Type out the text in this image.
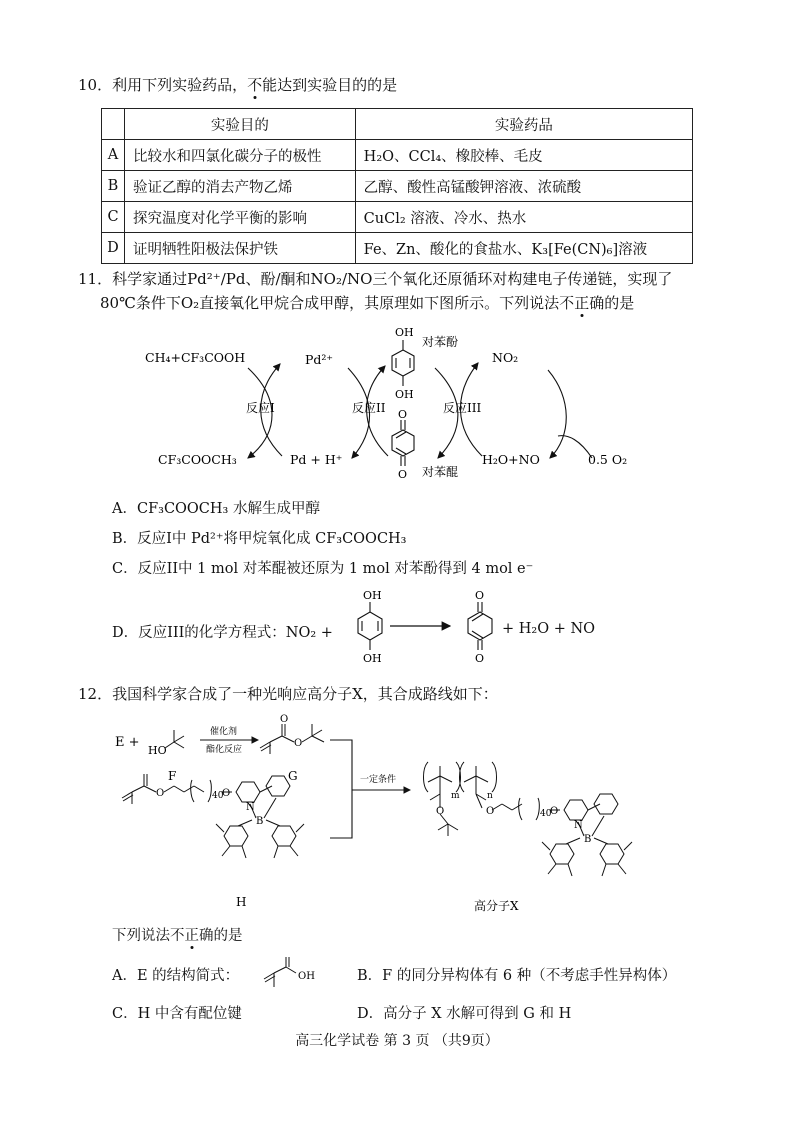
10．利用下列实验药品，不能达到实验目的的是
	实验目的	实验药品
A	比较水和四氯化碳分子的极性	H₂O、CCl₄、橡胶棒、毛皮
B	验证乙醇的消去产物乙烯	乙醇、酸性高锰酸钾溶液、浓硫酸
C	探究温度对化学平衡的影响	CuCl₂ 溶液、冷水、热水
D	证明牺牲阳极法保护铁	Fe、Zn、酸化的食盐水、K₃[Fe(CN)₆]溶液
11．科学家通过Pd²⁺/Pd、酚/酮和NO₂/NO三个氧化还原循环对构建电子传递链，实现了
80℃条件下O₂直接氧化甲烷合成甲醇，其原理如下图所示。下列说法不正确的是
OH
OH
对苯酚
O
O 对苯醌
CH₄+CF₃COOH
CF₃COOCH₃
Pd²⁺
Pd + H⁺
反应I	反应II	反应III
NO₂
H₂O+NO	0.5 O₂
A．CF₃COOCH₃ 水解生成甲醇
B．反应I中 Pd²⁺将甲烷氧化成 CF₃COOCH₃
C．反应II中 1 mol 对苯醌被还原为 1 mol 对苯酚得到 4 mol e⁻
D．反应III的化学方程式：NO₂ +
OH
OH
O
O
+ H₂O + NO
12．我国科学家合成了一种光响应高分子X，其合成路线如下：
E +
HO
F
催化剂
酯化反应
O
O
G	一定条件
O	40
O
N
B
H
m	n
O	O	40
O
N
B
高分子X
下列说法不正确的是
A．E 的结构简式：	OH	B．F 的同分异构体有 6 种（不考虑手性异构体）
C．H 中含有配位键	D．高分子 X 水解可得到 G 和 H
高三化学试卷 第 3 页 （共9页）
